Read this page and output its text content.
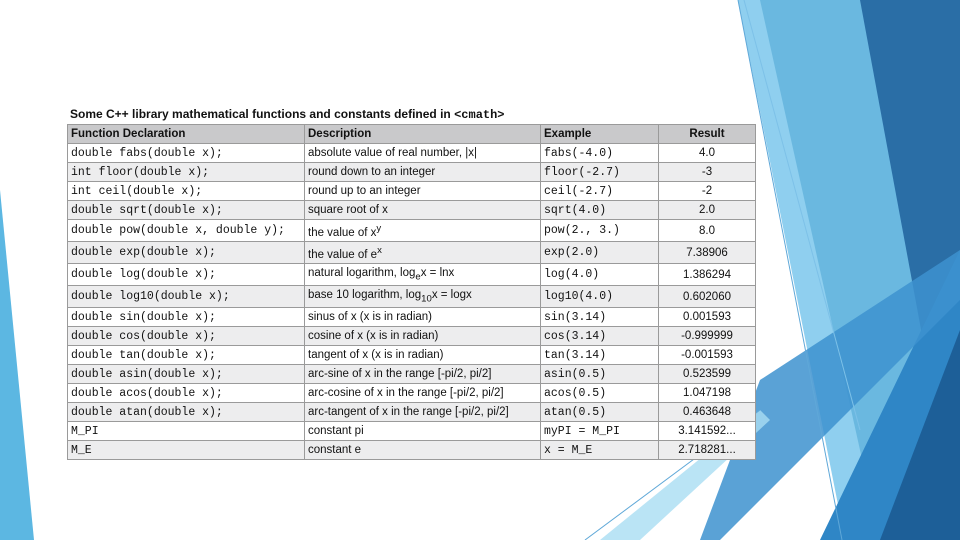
Some C++ library mathematical functions and constants defined in <cmath>
Function Declaration	Description	Example	Result
double fabs(double x);	absolute value of real number, |x|	fabs(-4.0)	4.0
int floor(double x);	round down to an integer	floor(-2.7)	-3
int ceil(double x);	round up to an integer	ceil(-2.7)	-2
double sqrt(double x);	square root of x	sqrt(4.0)	2.0
double pow(double x, double y);	the value of $x^y$	pow(2., 3.)	8.0
double exp(double x);	the value of $e^x$	exp(2.0)	7.38906
double log(double x);	natural logarithm, $\log_ex = \ln x$	log(4.0)	1.386294
double log10(double x);	base 10 logarithm, $\log_{10}x = \log x$	log10(4.0)	0.602060
double sin(double x);	sinus of x (x is in radian)	sin(3.14)	0.001593
double cos(double x);	cosine of x (x is in radian)	cos(3.14)	-0.999999
double tan(double x);	tangent of x (x is in radian)	tan(3.14)	-0.001593
double asin(double x);	arc-sine of x in the range [-pi/2, pi/2]	asin(0.5)	0.523599
double acos(double x);	arc-cosine of x in the range [-pi/2, pi/2]	acos(0.5)	1.047198
double atan(double x);	arc-tangent of x in the range [-pi/2, pi/2]	atan(0.5)	0.463648
M_PI	constant pi	myPI = M_PI	3.141592...
M_E	constant e	x = M_E	2.718281...
